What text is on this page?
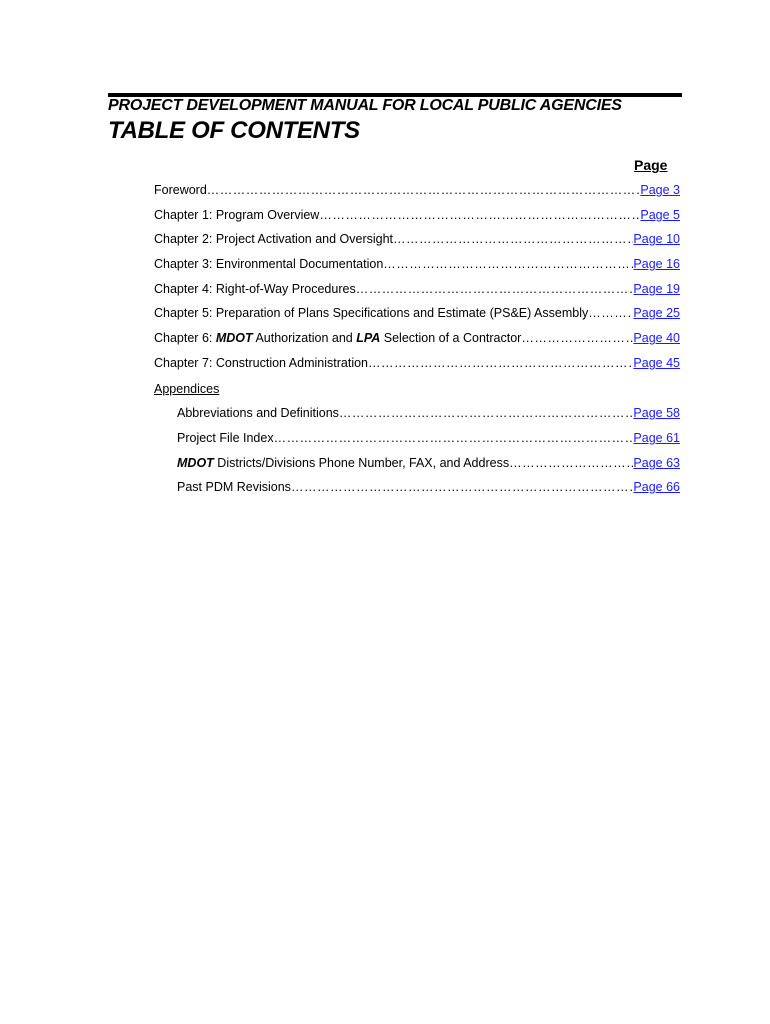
PROJECT DEVELOPMENT MANUAL FOR LOCAL PUBLIC AGENCIES
TABLE OF CONTENTS
Page
Foreword ………………………………………………………………………………………………………………………………………………	Page 3
Chapter 1: Program Overview ………………………………………………………………………………………………………………………………………………	Page 5
Chapter 2: Project Activation and Oversight ………………………………………………………………………………………………………………………………………………	Page 10
Chapter 3: Environmental Documentation ………………………………………………………………………………………………………………………………………………	Page 16
Chapter 4: Right-of-Way Procedures ………………………………………………………………………………………………………………………………………………	Page 19
Chapter 5: Preparation of Plans Specifications and Estimate (PS&E) Assembly ………………………………………………………………………………………………………………………………………………	Page 25
Chapter 6: MDOT Authorization and LPA Selection of a Contractor ………………………………………………………………………………………………………………………………………………	Page 40
Chapter 7: Construction Administration ………………………………………………………………………………………………………………………………………………	Page 45
Appendices
Abbreviations and Definitions ………………………………………………………………………………………………………………………………………………	Page 58
Project File Index ………………………………………………………………………………………………………………………………………………	Page 61
MDOT Districts/Divisions Phone Number, FAX, and Address ………………………………………………………………………………………………………………………………………………	Page 63
Past PDM Revisions ………………………………………………………………………………………………………………………………………………	Page 66
